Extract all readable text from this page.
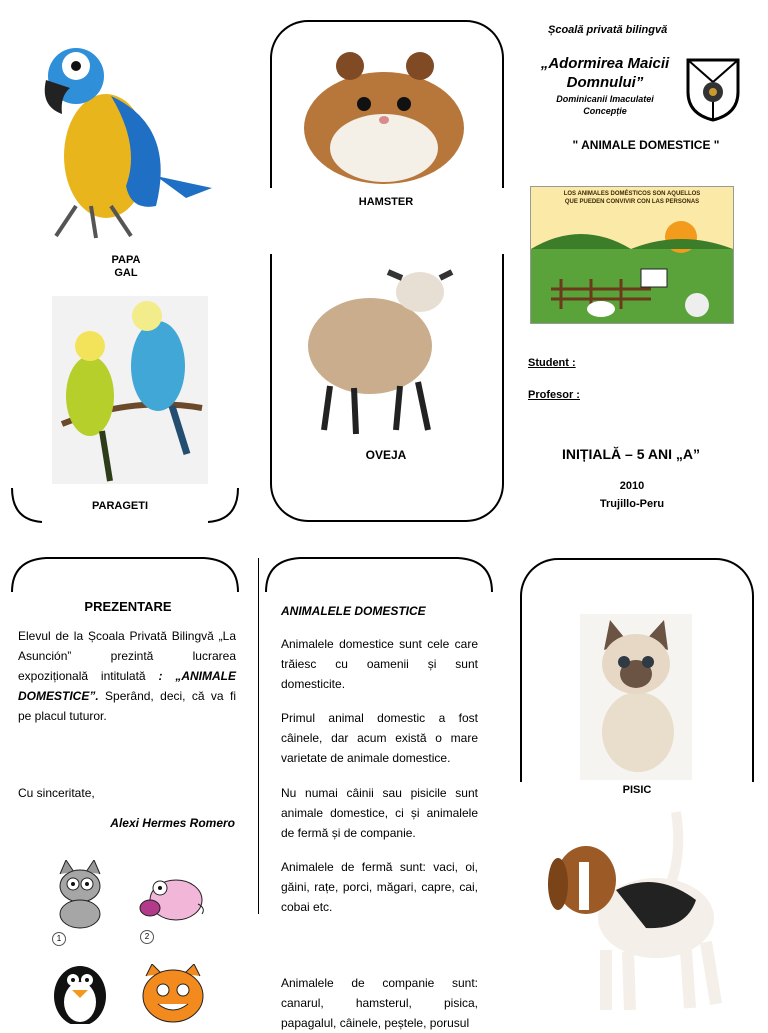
PAPA
GAL
PARAGETI
HAMSTER
OVEJA
Școală privată bilingvă
„Adormirea Maicii Domnului”
Dominicanii Imaculatei
Concepție
" ANIMALE DOMESTICE "
LOS ANIMALES DOMÉSTICOS SON AQUELLOS
QUE PUEDEN CONVIVIR CON LAS PERSONAS
Student :
Profesor :
INIȚIALĂ – 5 ANI „A”
2010
Trujillo-Peru
PREZENTARE
Elevul de la Școala Privată Bilingvă „La Asunción” prezintă lucrarea expozițională intitulată : „ANIMALE DOMESTICE”. Sperând, deci, că va fi pe placul tuturor.
Cu sinceritate,
Alexi Hermes Romero
1	2
ANIMALELE DOMESTICE
Animalele domestice sunt cele care trăiesc cu oamenii și sunt domesticite.
Primul animal domestic a fost câinele, dar acum există o mare varietate de animale domestice.
Nu numai câinii sau pisicile sunt animale domestice, ci și animalele de fermă și de companie.
Animalele de fermă sunt: vaci, oi, găini, rațe, porci, măgari, capre, cai, cobai etc.
Animalele de companie sunt: canarul, hamsterul, pisica, papagalul, câinele, peștele, porusul
PISIC
